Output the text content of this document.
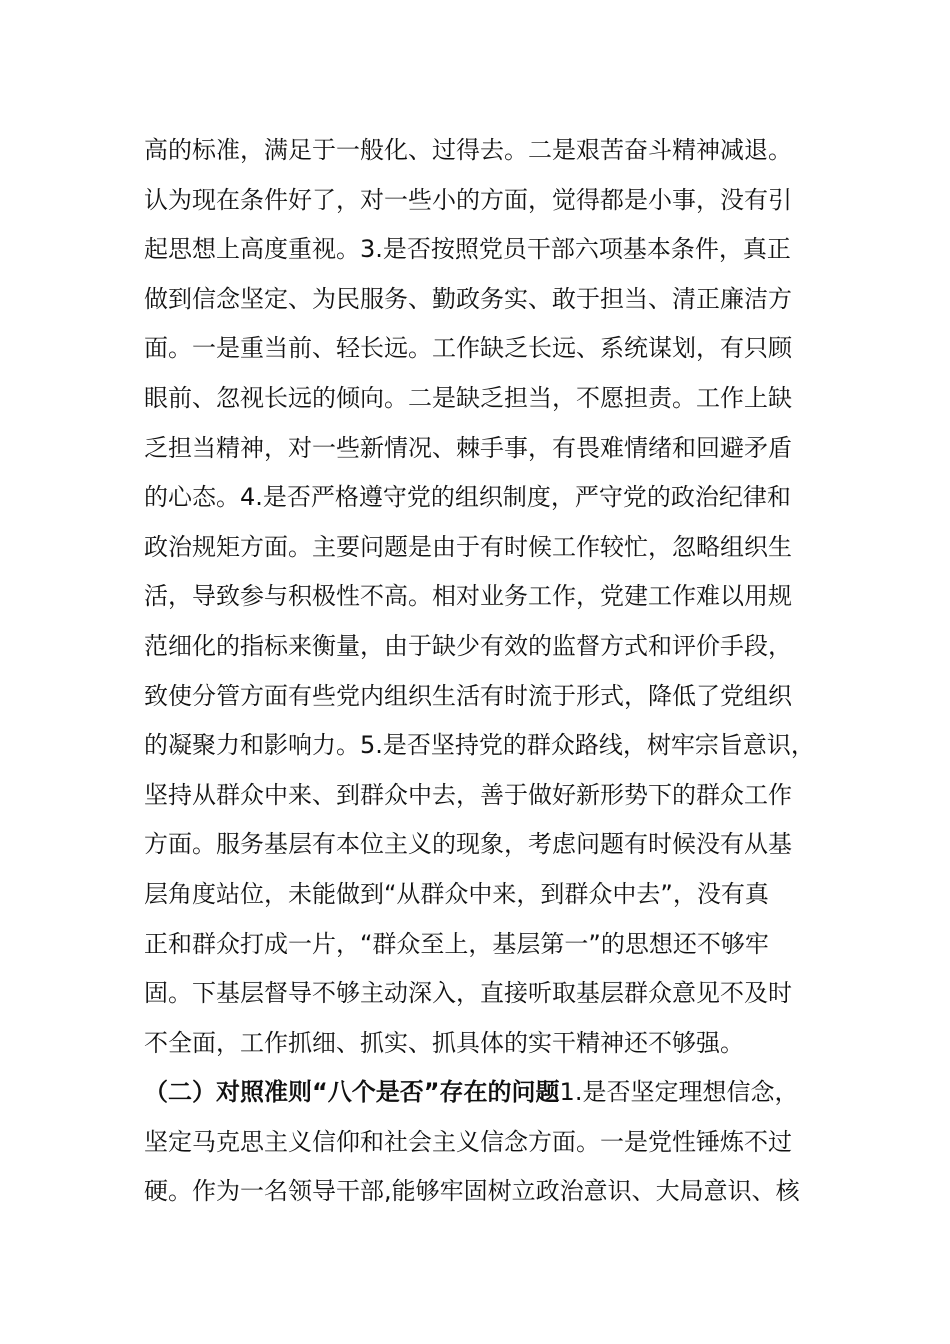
高的标准，满足于一般化、过得去。二是艰苦奋斗精神减退。
认为现在条件好了，对一些小的方面，觉得都是小事，没有引
起思想上高度重视。3.是否按照党员干部六项基本条件，真正
做到信念坚定、为民服务、勤政务实、敢于担当、清正廉洁方
面。一是重当前、轻长远。工作缺乏长远、系统谋划，有只顾
眼前、忽视长远的倾向。二是缺乏担当，不愿担责。工作上缺
乏担当精神，对一些新情况、棘手事，有畏难情绪和回避矛盾
的心态。4.是否严格遵守党的组织制度，严守党的政治纪律和
政治规矩方面。主要问题是由于有时候工作较忙，忽略组织生
活，导致参与积极性不高。相对业务工作，党建工作难以用规
范细化的指标来衡量，由于缺少有效的监督方式和评价手段，
致使分管方面有些党内组织生活有时流于形式，降低了党组织
的凝聚力和影响力。5.是否坚持党的群众路线，树牢宗旨意识，
坚持从群众中来、到群众中去，善于做好新形势下的群众工作
方面。服务基层有本位主义的现象，考虑问题有时候没有从基
层角度站位，未能做到“从群众中来，到群众中去”，没有真
正和群众打成一片，“群众至上，基层第一”的思想还不够牢
固。下基层督导不够主动深入，直接听取基层群众意见不及时
不全面，工作抓细、抓实、抓具体的实干精神还不够强。
（二）对照准则“八个是否”存在的问题1.是否坚定理想信念，
坚定马克思主义信仰和社会主义信念方面。一是党性锤炼不过
硬。作为一名领导干部,能够牢固树立政治意识、大局意识、核
